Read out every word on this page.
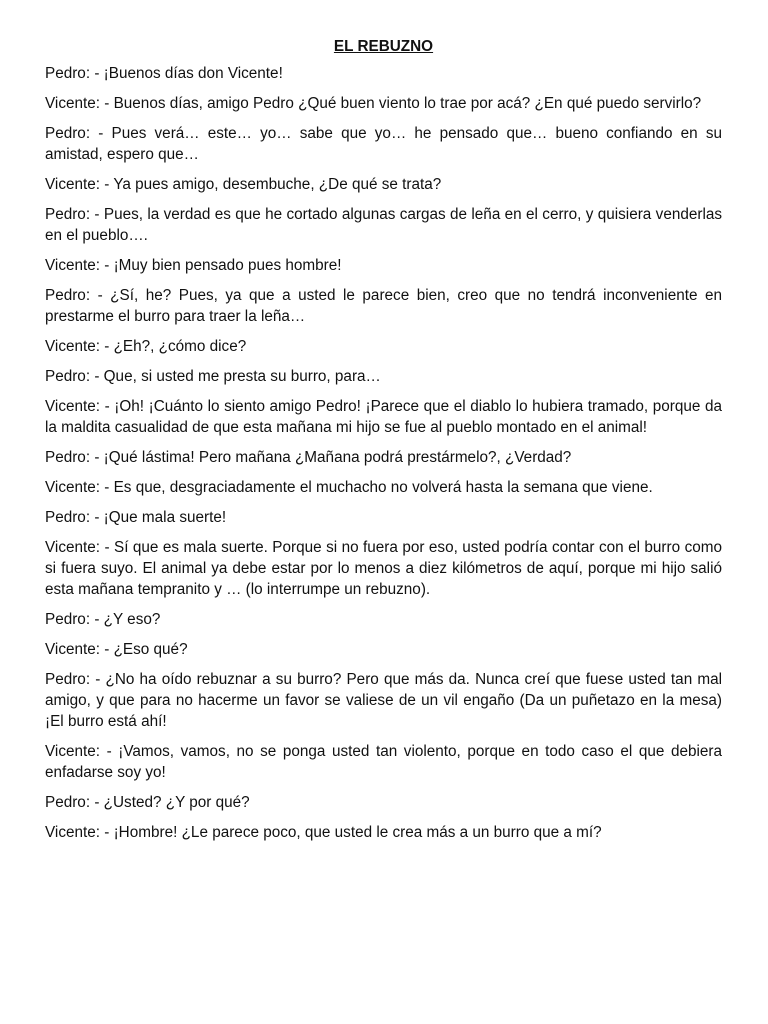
EL REBUZNO

Pedro: - ¡Buenos días don Vicente!

Vicente: - Buenos días, amigo Pedro ¿Qué buen viento lo trae por acá? ¿En qué puedo servirlo?

Pedro: - Pues verá… este… yo… sabe que yo… he pensado que… bueno confiando en su amistad, espero que…

Vicente: - Ya pues amigo, desembuche, ¿De qué se trata?

Pedro: - Pues, la verdad es que he cortado algunas cargas de leña en el cerro, y quisiera venderlas en el pueblo….

Vicente: - ¡Muy bien pensado pues hombre!

Pedro: - ¿Sí, he? Pues, ya que a usted le parece bien, creo que no tendrá inconveniente en prestarme el burro para traer la leña…

Vicente: - ¿Eh?, ¿cómo dice?

Pedro: - Que, si usted me presta su burro, para…

Vicente: - ¡Oh! ¡Cuánto lo siento amigo Pedro! ¡Parece que el diablo lo hubiera tramado, porque da la maldita casualidad de que esta mañana mi hijo se fue al pueblo montado en el animal!

Pedro: - ¡Qué lástima! Pero mañana ¿Mañana podrá prestármelo?, ¿Verdad?

Vicente: - Es que, desgraciadamente el muchacho no volverá hasta la semana que viene.

Pedro: - ¡Que mala suerte!

Vicente: - Sí que es mala suerte. Porque si no fuera por eso, usted podría contar con el burro como si fuera suyo. El animal ya debe estar por lo menos a diez kilómetros de aquí, porque mi hijo salió esta mañana tempranito y … (lo interrumpe un rebuzno).

Pedro: - ¿Y eso?

Vicente: - ¿Eso qué?

Pedro: - ¿No ha oído rebuznar a su burro? Pero que más da. Nunca creí que fuese usted tan mal amigo, y que para no hacerme un favor se valiese de un vil engaño (Da un puñetazo en la mesa) ¡El burro está ahí!

Vicente: - ¡Vamos, vamos, no se ponga usted tan violento, porque en todo caso el que debiera enfadarse soy yo!

Pedro: - ¿Usted? ¿Y por qué?

Vicente: - ¡Hombre! ¿Le parece poco, que usted le crea más a un burro que a mí?
